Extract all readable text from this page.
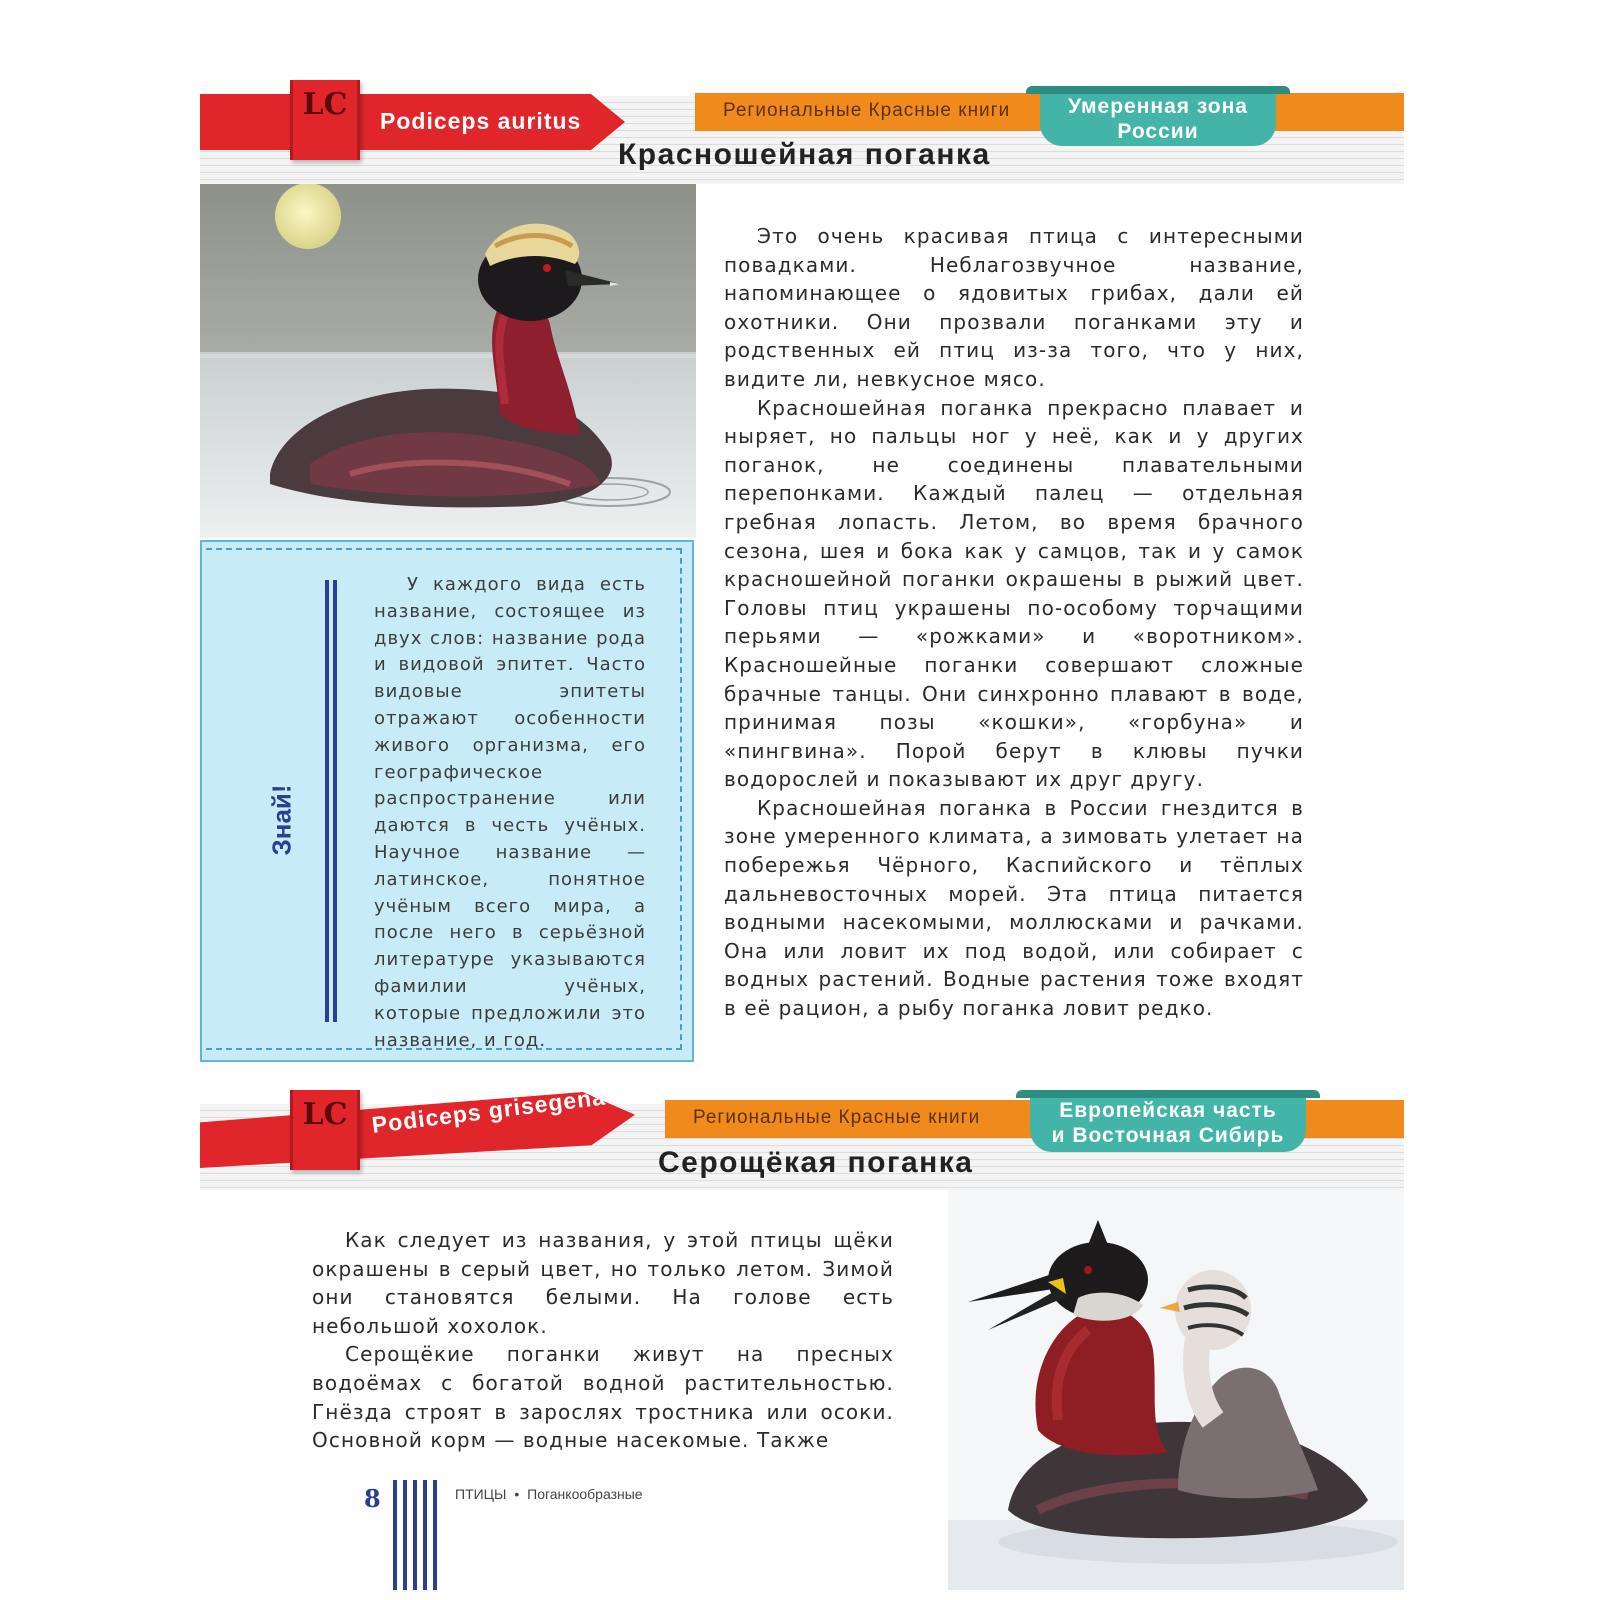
LC	Podiceps auritus	Региональные Красные книги	Умеренная зона
России
Красношейная поганка
Знай!

У каждого вида есть название, состоящее из двух слов: название рода и видовой эпитет. Часто видовые эпитеты отражают особенности живого организма, его географическое распространение или даются в честь учёных. Научное название — латинское, понятное учёным всего мира, а после него в серьёзной литературе указываются фамилии учёных, которые предложили это название, и год.

Это очень красивая птица с интересными повадками. Неблагозвучное название, напоминающее о ядовитых грибах, дали ей охотники. Они прозвали поганками эту и родственных ей птиц из-за того, что у них, видите ли, невкусное мясо.

Красношейная поганка прекрасно плавает и ныряет, но пальцы ног у неё, как и у других поганок, не соединены плавательными перепонками. Каждый палец — отдельная гребная лопасть. Летом, во время брачного сезона, шея и бока как у самцов, так и у самок красношейной поганки окрашены в рыжий цвет. Головы птиц украшены по-особому торчащими перьями — «рожками» и «воротником». Красношейные поганки совершают сложные брачные танцы. Они синхронно плавают в воде, принимая позы «кошки», «горбуна» и «пингвина». Порой берут в клювы пучки водорослей и показывают их друг другу.

Красношейная поганка в России гнездится в зоне умеренного климата, а зимовать улетает на побережья Чёрного, Каспийского и тёплых дальневосточных морей. Эта птица питается водными насекомыми, моллюсками и рачками. Она или ловит их под водой, или собирает с водных растений. Водные растения тоже входят в её рацион, а рыбу поганка ловит редко.

LC Podiceps grisegena	Региональные Красные книги	Европейская часть
и Восточная Сибирь
Серощёкая поганка

Как следует из названия, у этой птицы щёки окрашены в серый цвет, но только летом. Зимой они становятся белыми. На голове есть небольшой хохолок.

Серощёкие поганки живут на пресных водоёмах с богатой водной растительностью. Гнёзда строят в зарослях тростника или осоки. Основной корм — водные насекомые. Также

8	ПТИЦЫ • Поганкообразные
